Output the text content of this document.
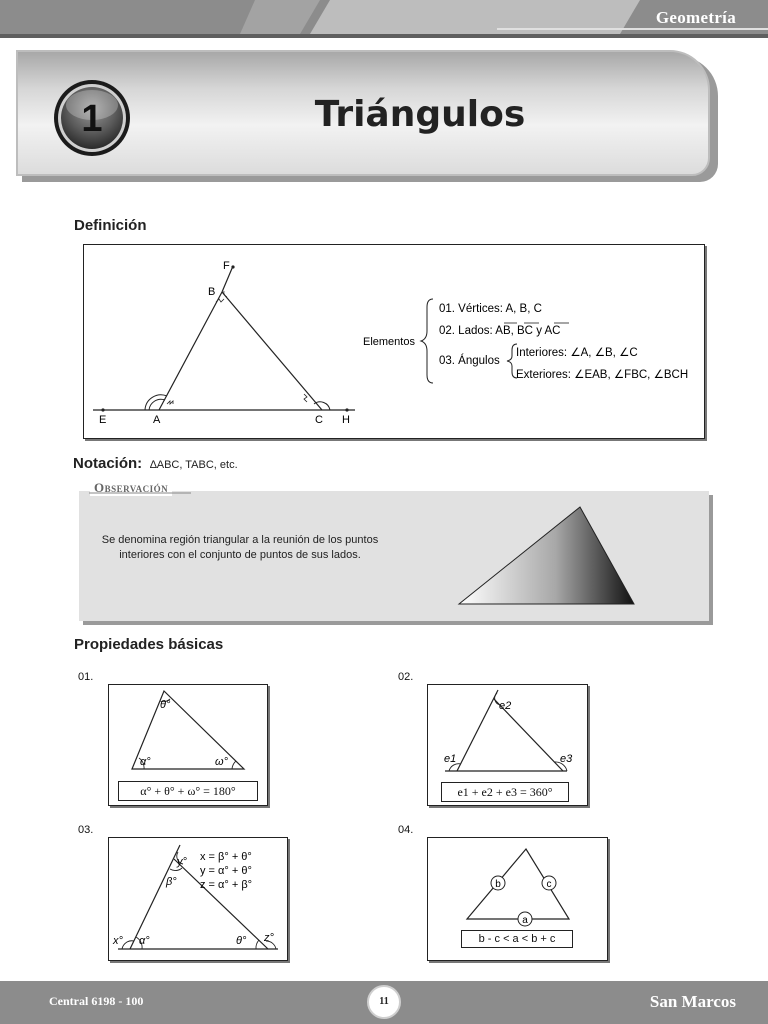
Geometría
1	Triángulos
Definición
F
B
E	A	C H
Elementos
01. Vértices: A, B, C
02. Lados: AB, BC y AC
03. Ángulos
Interiores: ∠A, ∠B, ∠C
Exteriores: ∠EAB, ∠FBC, ∠BCH
Notación: ∆ABC, TABC, etc.
Observación
Se denomina región triangular a la reunión de los puntos interiores con el conjunto de puntos de sus lados.
Propiedades básicas
01.
θ°
α°	ω°
α° + θ° + ω° = 180°
02.
e2
e1	e3
e1 + e2 + e3 = 360°
03.
x = β° + θ°
y = α° + θ°
z = α° + β°
x° α°
β°
y°
θ° z°
04.
b	c
a
b - c < a < b + c
Central 6198 - 100	11	San Marcos
